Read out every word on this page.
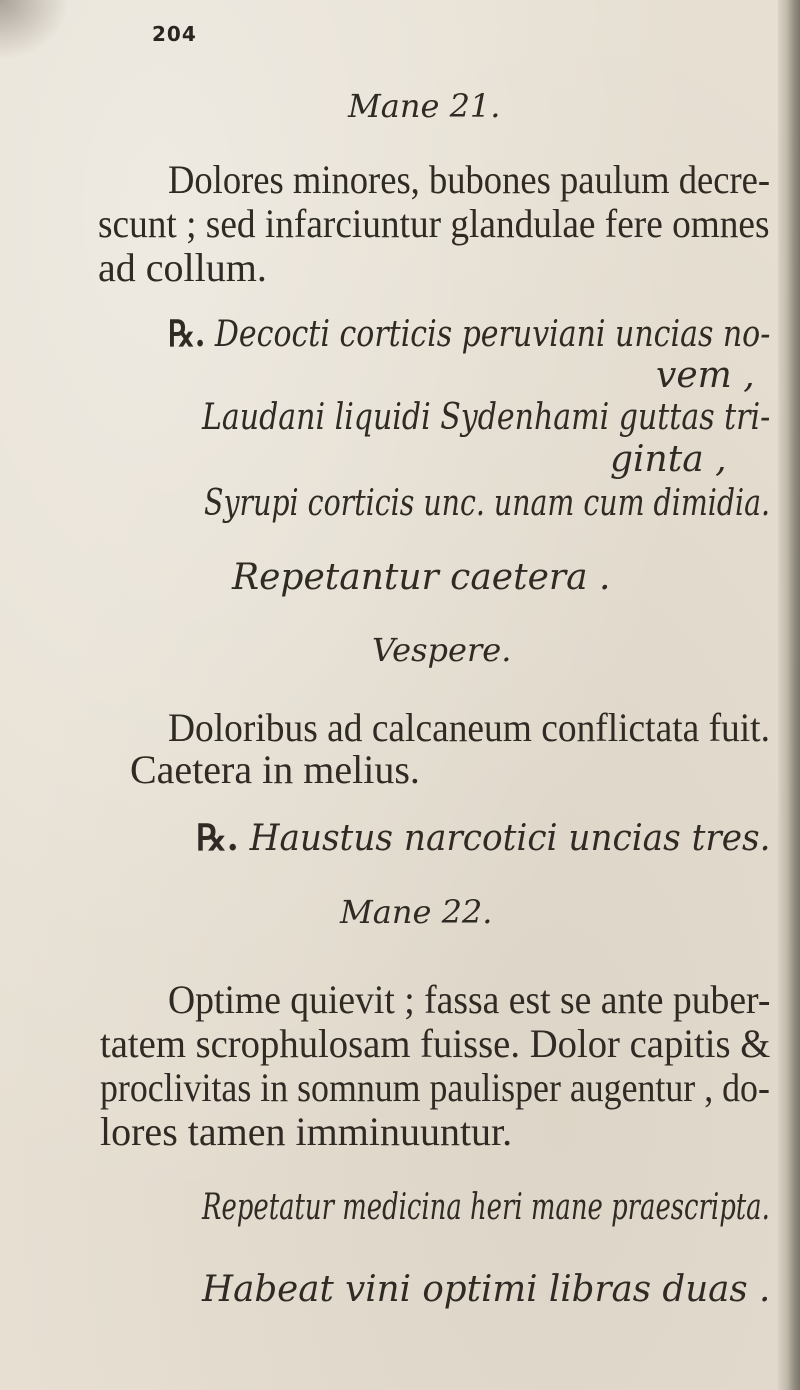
204
Mane 21.
Dolores minores, bubones paulum decre-
scunt ; sed infarciuntur glandulae fere omnes
ad collum.
℞. Decocti corticis peruviani uncias no-
vem ,
Laudani liquidi Sydenhami guttas tri-
ginta ,
Syrupi corticis unc. unam cum dimidia.
Repetantur caetera .
Vespere.
Doloribus ad calcaneum conflictata fuit.
Caetera in melius.
℞. Haustus narcotici uncias tres.
Mane 22.
Optime quievit ; fassa est se ante puber-
tatem scrophulosam fuisse. Dolor capitis &
proclivitas in somnum paulisper augentur , do-
lores tamen imminuuntur.
Repetatur medicina heri mane praescripta.
Habeat vini optimi libras duas .
